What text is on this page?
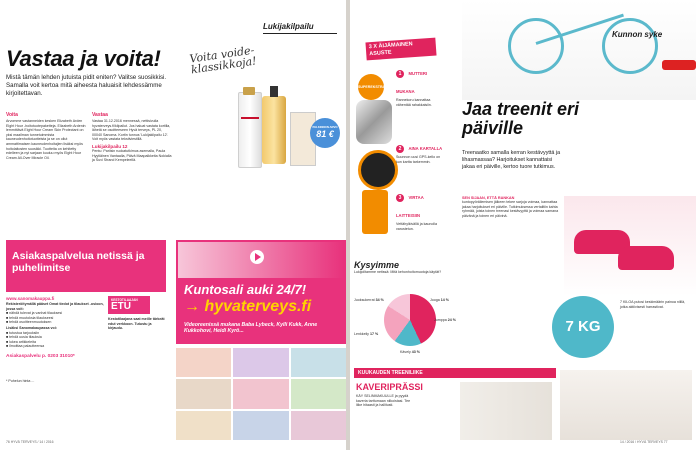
Lukijakilpailu
Vastaa ja voita!
Mistä tämän lehden jutuista pidit eniten? Valitse suosikkisi. Samalla voit kertoa mitä aiheesta haluaisit lehdessämme kirjoitettavan.
Voita
Arvomme vastanneiden kesken Elizabeth Arden Eight Hour -hoitotuotepaketteja. Elizabeth Ardenin lemmittävä Eight Hour Cream Skin Protectant on yksi maailman tunnetuimmista kauneudenhoitotuotteista ja se on ollut ammattimaisen kauneudenhoitajien lisäksi myös hoitolaitosten suosikki. Tuotteita on kehitetty edelleen ja nyt sarjaan kuuluu myös Eight Hour Cream All-Over Miracle Oil.
Vastaa
Vastaa 31.12.2016 mennessä, nettisivulla hyvaterveys.fi/kilpailut. Jos haluat vastata kortilla, lähetä se osoitteeseen Hyvä terveys, PL 20, 00040 Sanoma. Kortin tunnus 'Lukijakilpailu 12'. Voit myös vastata tekstiviestillä.
Lukijakilpailu 12
Pentu: Pariisin ruokatutkimus asemalla, Paula Hyytiäinen Vantaalla, Päivä Maapalkkeita Nokialla ja Suvi Strand Kempeleellä.
Voita voide-klassikkoja!
PALKINNON ARVO
81 €
Asiakaspalvelua netissä ja puhelimitse
www.sanomakauppa.fi
Rekisteröitymällä pääset Omat tiedot ja tilaukset -osioon, jossa voit:
■ nähdä tulevat ja vanhat tilauksesi
■ tehdä muutoksia tilaukseesi
■ tehdä osoitteenmuutoksen
Lisäksi Sanomakaupassa voi:
■ tutustua tarjouksiin
■ tehdä uusia tilauksia
■ lukea artikkeleita
■ ilmoittaa palautteensa
Asiakaspalvelu p. 0203 31010*
* Puhelun hinta ...
KESTOTILAAJAN
ETU
Kestotilaajana saat meille tärkeät edut verkkoon. Tutustu ja kirjaudu.
Kuntosali auki 24/7!
→ hyvaterveys.fi
Videoreenissä mukana Baba Lybeck, Kylli Kukk, Anne Kukkohovi, Heidi Kyrö...
76 HYVÄ TERVEYS / 14 / 2016
3 X ÄIJÄMAINEN
ASUSTE
SUPEREKSTRA!
1 MUTTERI MUKANA
Rannekoru kannattaa vähentää rahakkaisiin.
2 AINA KARTALLA
Suunnon uusi GPS-kello on kun kartta tarkemmin.
3 VIRTAA LAITTEISIIN
Vettähylkivällä ja kaunolla varustetun.
Kunnon syke
Jaa treenit eri päiville
Treenaatko samalla kerran kestävyyttä ja lihasmassaa? Harjoitukset kannattaisi jakaa eri päiville, kertoo tuore tutkimus.
SEN SIJAAN, ETTÄ RANKAN
kuntopyöräilemisen jälkeen tekee sarjoja voimaa, kannattaa jakaa harjoitukset eri päiville. Tutkimuksessa vertailtiin kahta ryhmää, joista toinen treenasi kestävyyttä ja voimaa samana päivänä ja toinen eri päivinä.
7 KG
7 KILOA putosi keskimäärin painoa niillä, jotka aktiivisesti harrastivat.
Kysyimme
Lukijoiltamme netissä: Mitä kehonhoitomuotoja käytät?
Juoksukerrat 34 %	Jooga 14 %
Jumppa 24 %
Lenkkeily 17 %
Kävely 43 %
KUUKAUDEN TREENILIIKE
KAVERIPRÄSSI
KÄY SELINMAKUULLE ja pyydä kaveria tarttumaan nilkoistasi. Tee liike hitaasti ja hallitusti.
14 / 2016 / HYVÄ TERVEYS 77
